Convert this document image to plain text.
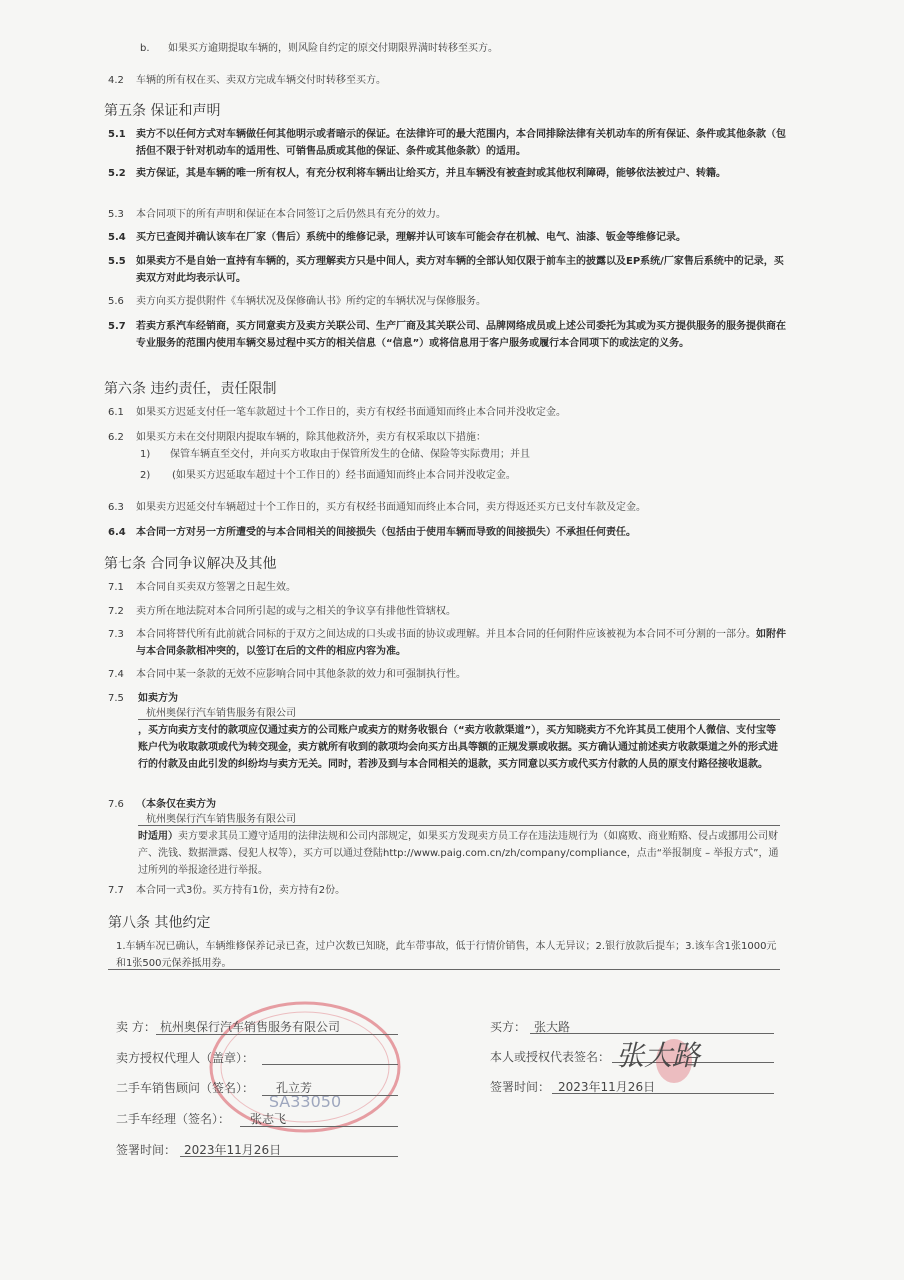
b. 如果买方逾期提取车辆的，则风险自约定的原交付期限界满时转移至买方。
4.2	车辆的所有权在买、卖双方完成车辆交付时转移至买方。
第五条 保证和声明
5.1	卖方不以任何方式对车辆做任何其他明示或者暗示的保证。在法律许可的最大范围内，本合同排除法律有关机动车的所有保证、条件或其他条款（包括但不限于针对机动车的适用性、可销售品质或其他的保证、条件或其他条款）的适用。
5.2	卖方保证，其是车辆的唯一所有权人，有充分权利将车辆出让给买方，并且车辆没有被查封或其他权利障碍，能够依法被过户、转籍。
5.3	本合同项下的所有声明和保证在本合同签订之后仍然具有充分的效力。
5.4	买方已查阅并确认该车在厂家（售后）系统中的维修记录，理解并认可该车可能会存在机械、电气、油漆、钣金等维修记录。
5.5	如果卖方不是自始一直持有车辆的，买方理解卖方只是中间人，卖方对车辆的全部认知仅限于前车主的披露以及EP系统/厂家售后系统中的记录，买卖双方对此均表示认可。
5.6	卖方向买方提供附件《车辆状况及保修确认书》所约定的车辆状况与保修服务。
5.7	若卖方系汽车经销商，买方同意卖方及卖方关联公司、生产厂商及其关联公司、品牌网络成员或上述公司委托为其或为买方提供服务的服务提供商在专业服务的范围内使用车辆交易过程中买方的相关信息（“信息”）或将信息用于客户服务或履行本合同项下的或法定的义务。
第六条 违约责任，责任限制
6.1	如果买方迟延支付任一笔车款超过十个工作日的，卖方有权经书面通知而终止本合同并没收定金。
6.2	如果买方未在交付期限内提取车辆的，除其他救济外，卖方有权采取以下措施：
1) 保管车辆直至交付，并向买方收取由于保管所发生的仓储、保险等实际费用；并且
2) (如果买方迟延取车超过十个工作日的）经书面通知而终止本合同并没收定金。
6.3	如果卖方迟延交付车辆超过十个工作日的，买方有权经书面通知而终止本合同，卖方得返还买方已支付车款及定金。
6.4	本合同一方对另一方所遭受的与本合同相关的间接损失（包括由于使用车辆而导致的间接损失）不承担任何责任。
第七条 合同争议解决及其他
7.1	本合同自买卖双方签署之日起生效。
7.2	卖方所在地法院对本合同所引起的或与之相关的争议享有排他性管辖权。
7.3	本合同将替代所有此前就合同标的于双方之间达成的口头或书面的协议或理解。并且本合同的任何附件应该被视为本合同不可分割的一部分。如附件与本合同条款相冲突的，以签订在后的文件的相应内容为准。
7.4	本合同中某一条款的无效不应影响合同中其他条款的效力和可强制执行性。
7.5	如卖方为
杭州奥保行汽车销售服务有限公司
，买方向卖方支付的款项应仅通过卖方的公司账户或卖方的财务收银台（“卖方收款渠道”），买方知晓卖方不允许其员工使用个人微信、支付宝等账户代为收取款项或代为转交现金，卖方就所有收到的款项均会向买方出具等额的正规发票或收据。买方确认通过前述卖方收款渠道之外的形式进行的付款及由此引发的纠纷均与卖方无关。同时，若涉及到与本合同相关的退款，买方同意以买方或代买方付款的人员的原支付路径接收退款。
7.6	（本条仅在卖方为
杭州奥保行汽车销售服务有限公司
时适用）卖方要求其员工遵守适用的法律法规和公司内部规定，如果买方发现卖方员工存在违法违规行为（如腐败、商业贿赂、侵占或挪用公司财产、洗钱、数据泄露、侵犯人权等），买方可以通过登陆http://www.paig.com.cn/zh/company/compliance，点击“举报制度 – 举报方式”，通过所列的举报途径进行举报。
7.7	本合同一式3份。买方持有1份，卖方持有2份。
第八条 其他约定
1.车辆车况已确认，车辆维修保养记录已查，过户次数已知晓，此车带事故，低于行情价销售，本人无异议；2.银行放款后提车；3.该车含1张1000元和1张500元保养抵用券。
SA33050
卖 方： 杭州奥保行汽车销售服务有限公司
卖方授权代理人（盖章）：
二手车销售顾问（签名）： 孔立芳
二手车经理（签名）： 张志飞
签署时间： 2023年11月26日
买方： 张大路
本人或授权代表签名： 张大路
签署时间： 2023年11月26日
